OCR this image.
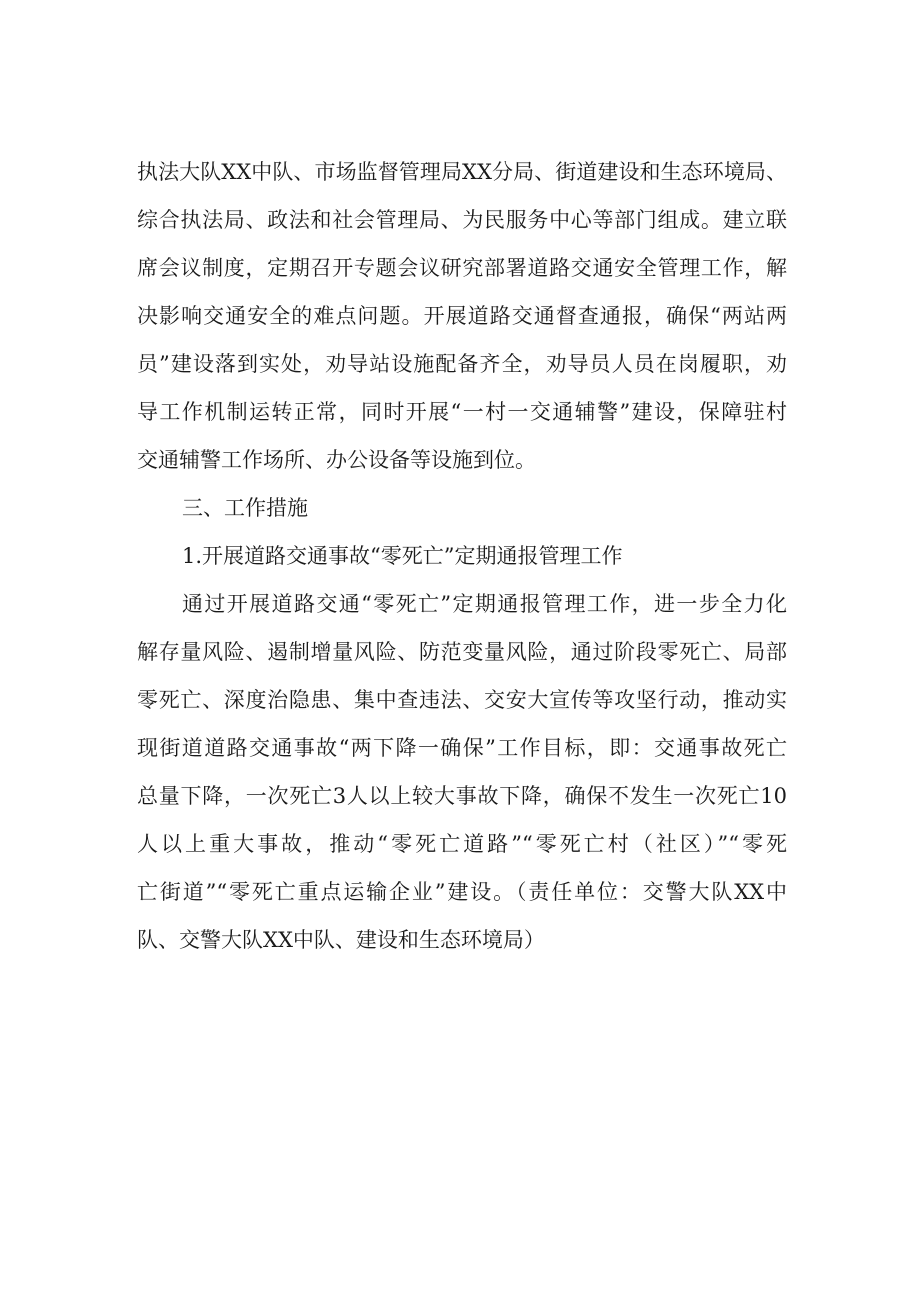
执法大队XX中队、市场监督管理局XX分局、街道建设和生态环境局、
综合执法局、政法和社会管理局、为民服务中心等部门组成。建立联
席会议制度，定期召开专题会议研究部署道路交通安全管理工作，解
决影响交通安全的难点问题。开展道路交通督查通报，确保“两站两
员”建设落到实处，劝导站设施配备齐全，劝导员人员在岗履职，劝
导工作机制运转正常，同时开展“一村一交通辅警”建设，保障驻村
交通辅警工作场所、办公设备等设施到位。
三、工作措施
1.开展道路交通事故“零死亡”定期通报管理工作
通过开展道路交通“零死亡”定期通报管理工作，进一步全力化
解存量风险、遏制增量风险、防范变量风险，通过阶段零死亡、局部
零死亡、深度治隐患、集中查违法、交安大宣传等攻坚行动，推动实
现街道道路交通事故“两下降一确保”工作目标，即：交通事故死亡
总量下降，一次死亡3人以上较大事故下降，确保不发生一次死亡10
人以上重大事故，推动“零死亡道路”“零死亡村（社区）”“零死
亡街道”“零死亡重点运输企业”建设。（责任单位：交警大队XX中
队、交警大队XX中队、建设和生态环境局）
